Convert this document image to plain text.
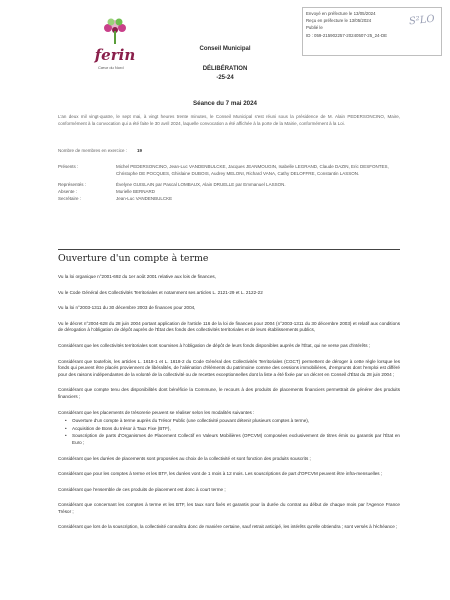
ferin
Cœur du Nord
Envoyé en préfecture le 13/05/2024
Reçu en préfecture le 13/05/2024
Publié le
ID : 059-215902257-20240507-25_24-DE
S²LO
Conseil Municipal
DÉLIBÉRATION
-25-24
Séance du 7 mai 2024
L'an deux mil vingt-quatre, le sept mai, à vingt heures trente minutes, le Conseil Municipal s'est réuni sous la présidence de M. Alain PEDERSONCINO, Maire, conformément à la convocation qui a été faite le 30 avril 2024, laquelle convocation a été affichée à la porte de la Mairie, conformément à la Loi.
Nombre de membres en exercice : 19
Présents :	Michel PEDERSONCINO, Jean-Luc VANDENBULCKE, Jacques JEANMOUGIN, Isabelle LEGRAND, Claude DAZIN, Eric DESFONTES, Christophe DE POCQUES, Ghislaine DUBOIS, Audrey MELONI, Richard VANA, Cathy DELOFFRE, Constantin LASSON.
Représentés :	Évelyne GUISLAIN par Pascal LOMBAUX, Alain DRUELLE par Emmanuel LASSON.
Absente :	Murielle BERNARD
Secrétaire :	Jean-Luc VANDENBULCKE
Ouverture d'un compte à terme

Vu la loi organique n°2001-692 du 1er août 2001 relative aux lois de finances,

Vu le Code Général des Collectivités Territoriales et notamment ses articles L. 2121-29 et L. 2122-22

Vu la loi n°2003-1311 du 30 décembre 2003 de finances pour 2004,

Vu le décret n°2004-628 du 28 juin 2004 portant application de l'article 116 de la loi de finances pour 2004 (n°2003-1311 du 30 décembre 2003) et relatif aux conditions de dérogation à l'obligation de dépôt auprès de l'État des fonds des collectivités territoriales et de leurs établissements publics,

Considérant que les collectivités territoriales sont soumises à l'obligation de dépôt de leurs fonds disponibles auprès de l'État, qui ne verse pas d'intérêts ;

Considérant que toutefois, les articles L. 1618-1 et L. 1618-2 du Code Général des Collectivités Territoriales (CGCT) permettent de déroger à cette règle lorsque les fonds qui peuvent être placés proviennent de libéralités, de l'aliénation d'éléments du patrimoine comme des cessions immobilières, d'emprunts dont l'emploi est différé pour des raisons indépendantes de la volonté de la collectivité ou de recettes exceptionnelles dont la liste a été fixée par un décret en Conseil d'État du 28 juin 2004 ;

Considérant que compte tenu des disponibilités dont bénéficie la Commune, le recours à des produits de placements financiers permettrait de générer des produits financiers ;

Considérant que les placements de trésorerie peuvent se réaliser selon les modalités suivantes :

• Ouverture d'un compte à terme auprès du Trésor Public (une collectivité pouvant détenir plusieurs comptes à terme),
• Acquisition de Bons du trésor à Taux Fixe (BTF),
• Souscription de parts d'Organismes de Placement Collectif en Valeurs Mobilières (OPCVM) composées exclusivement de titres émis ou garantis par l'État en Euro ;

Considérant que les durées de placements sont proposées au choix de la collectivité et sont fonction des produits souscrits ;

Considérant que pour les comptes à terme et les BTF, les durées vont de 1 mois à 12 mois. Les souscriptions de part d'OPCVM peuvent être infra-mensuelles ;

Considérant que l'ensemble de ces produits de placement est donc à court terme ;

Considérant que concernant les comptes à terme et les BTF, les taux sont fixés et garantis pour la durée du contrat au début de chaque mois par l'Agence France Trésor ;

Considérant que lors de la souscription, la collectivité connaîtra donc de manière certaine, sauf retrait anticipé, les intérêts qu'elle obtiendra ; sont versés à l'échéance ;
